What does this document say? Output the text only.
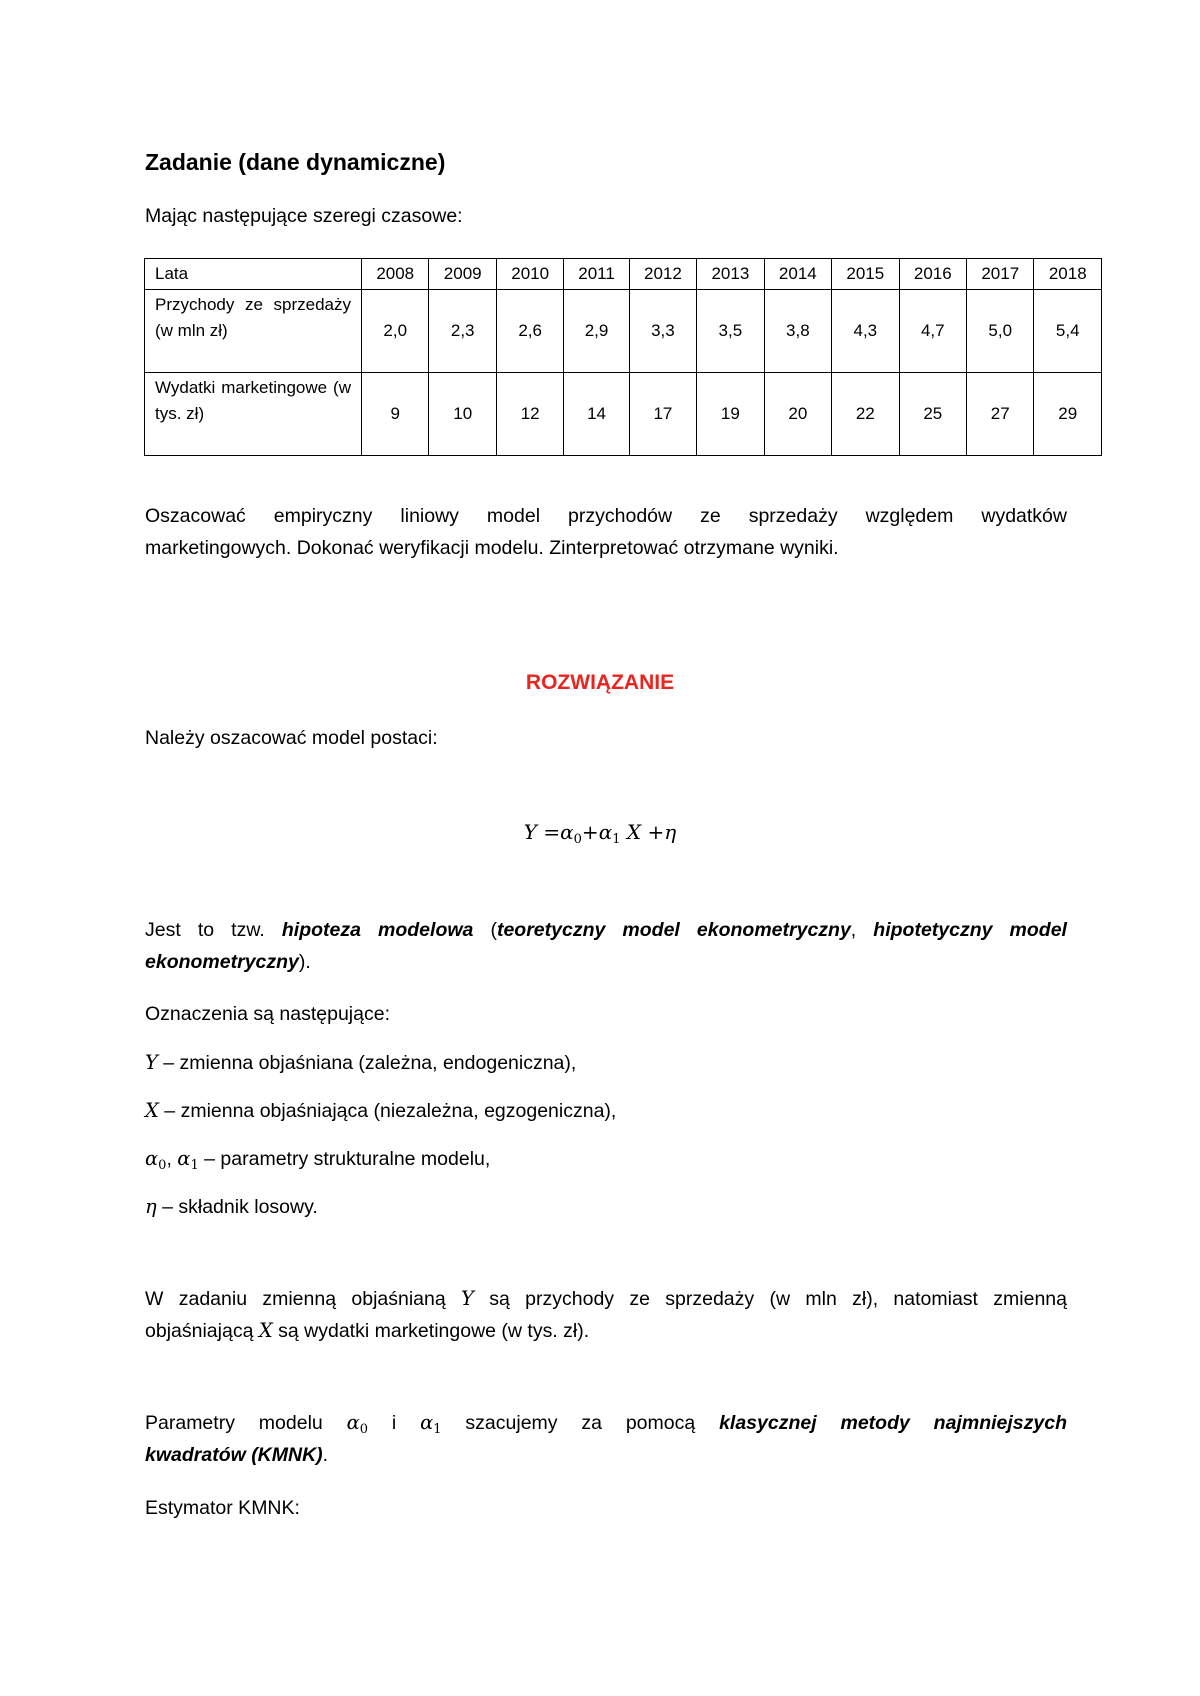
Zadanie (dane dynamiczne)
Mając następujące szeregi czasowe:
Lata	2008	2009	2010	2011	2012	2013	2014	2015	2016	2017	2018
Przychody ze sprzedaży (w mln zł)	2,0	2,3	2,6	2,9	3,3	3,5	3,8	4,3	4,7	5,0	5,4
Wydatki marketingowe (w tys. zł)	9	10	12	14	17	19	20	22	25	27	29
Oszacować empiryczny liniowy model przychodów ze sprzedaży względem wydatków
marketingowych. Dokonać weryfikacji modelu. Zinterpretować otrzymane wyniki.
ROZWIĄZANIE
Należy oszacować model postaci:
$Y =\alpha_0+\alpha_1$ X +η
Jest to tzw. hipoteza modelowa (teoretyczny model ekonometryczny, hipotetyczny model
ekonometryczny).
Oznaczenia są następujące:
Y – zmienna objaśniana (zależna, endogeniczna),
X – zmienna objaśniająca (niezależna, egzogeniczna),
$\alpha_0$, $\alpha_1$ – parametry strukturalne modelu,
η – składnik losowy.
W zadaniu zmienną objaśnianą Y są przychody ze sprzedaży (w mln zł), natomiast zmienną
objaśniającą X są wydatki marketingowe (w tys. zł).
Parametry modelu $\alpha_0$ i $\alpha_1$ szacujemy za pomocą klasycznej metody najmniejszych
kwadratów (KMNK).
Estymator KMNK:
